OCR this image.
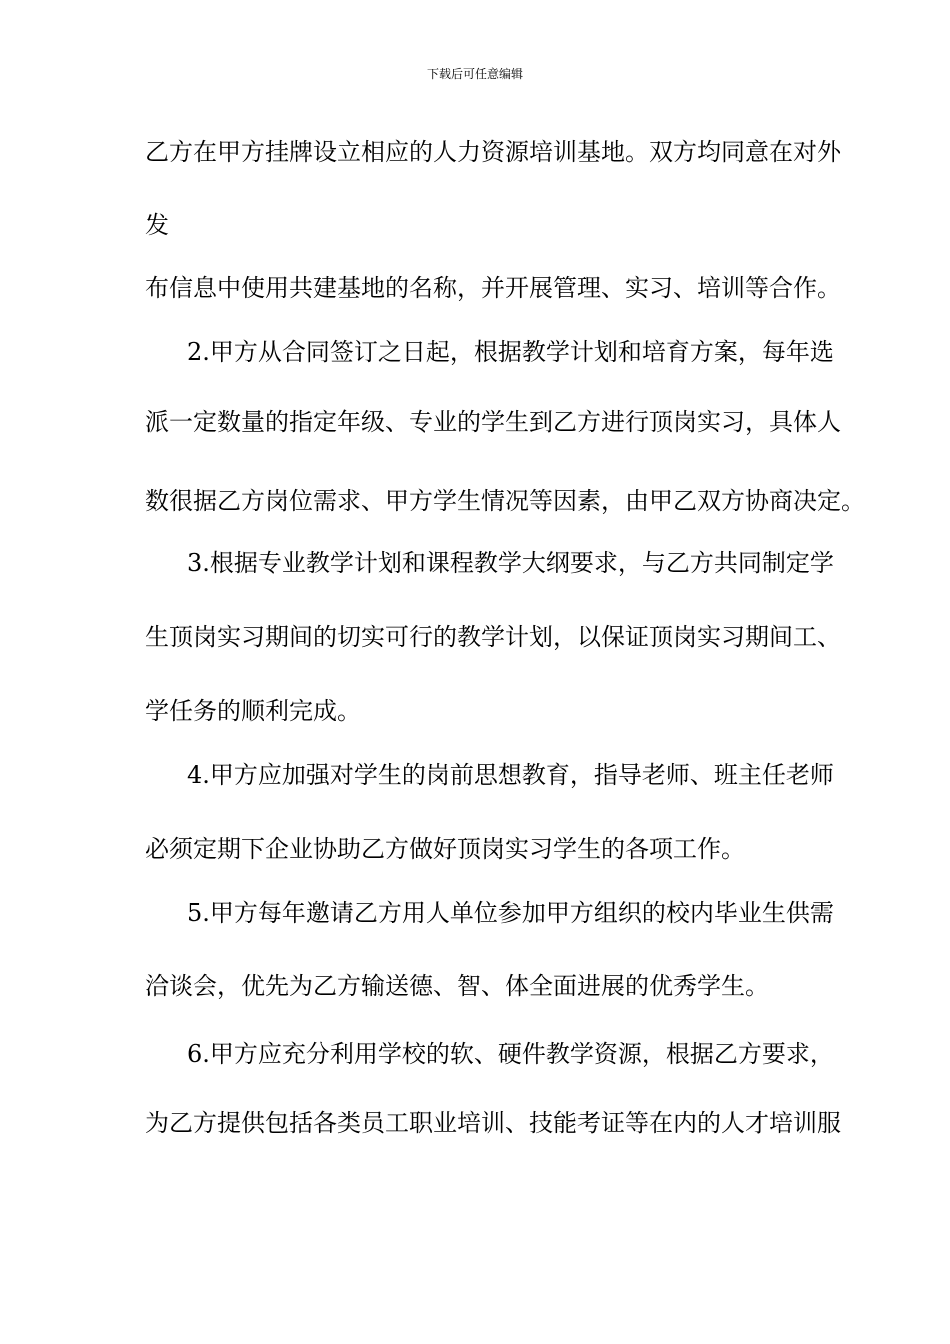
下载后可任意编辑
乙方在甲方挂牌设立相应的人力资源培训基地。双方均同意在对外
发
布信息中使用共建基地的名称，并开展管理、实习、培训等合作。
2.甲方从合同签订之日起，根据教学计划和培育方案，每年选
派一定数量的指定年级、专业的学生到乙方进行顶岗实习，具体人
数很据乙方岗位需求、甲方学生情况等因素，由甲乙双方协商决定。
3.根据专业教学计划和课程教学大纲要求，与乙方共同制定学
生顶岗实习期间的切实可行的教学计划，以保证顶岗实习期间工、
学任务的顺利完成。
4.甲方应加强对学生的岗前思想教育，指导老师、班主任老师
必须定期下企业协助乙方做好顶岗实习学生的各项工作。
5.甲方每年邀请乙方用人单位参加甲方组织的校内毕业生供需
洽谈会，优先为乙方输送德、智、体全面进展的优秀学生。
6.甲方应充分利用学校的软、硬件教学资源，根据乙方要求，
为乙方提供包括各类员工职业培训、技能考证等在内的人才培训服
